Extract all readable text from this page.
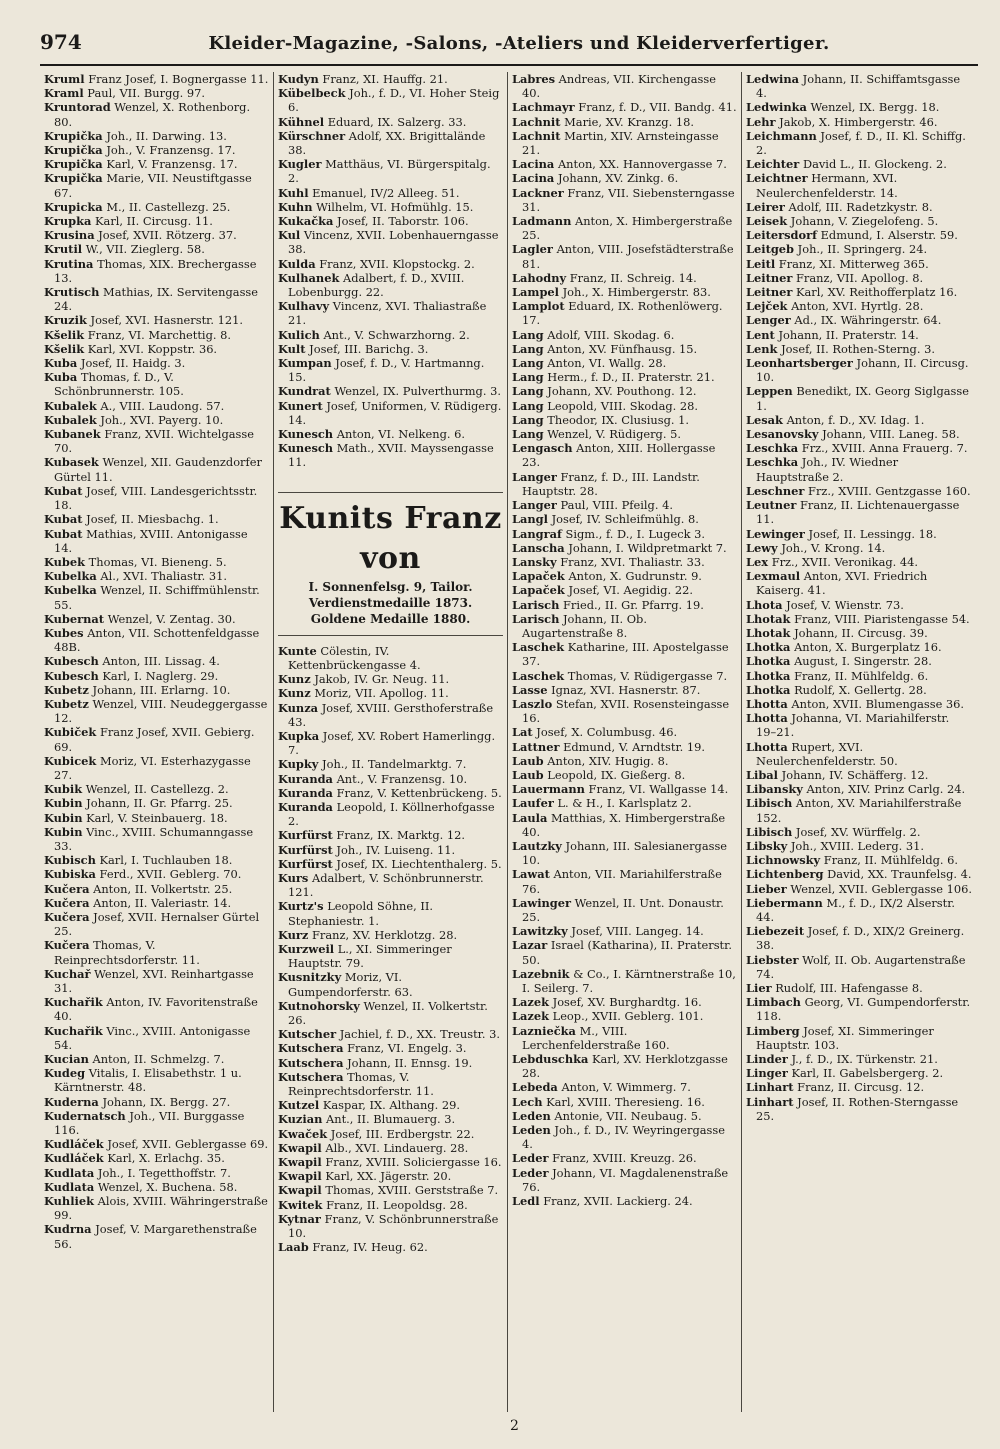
974	Kleider-Magazine, -Salons, -Ateliers und Kleiderverfertiger.

Kruml Franz Josef, I. Bognergasse 11.

Kraml Paul, VII. Burgg. 97.

Kruntorad Wenzel, X. Rothenborg. 80.

Krupička Joh., II. Darwing. 13.

Krupička Joh., V. Franzensg. 17.

Krupička Karl, V. Franzensg. 17.

Krupička Marie, VII. Neustiftgasse 67.

Krupicka M., II. Castellezg. 25.

Krupka Karl, II. Circusg. 11.

Krusina Josef, XVII. Rötzerg. 37.

Krutil W., VII. Zieglerg. 58.

Krutina Thomas, XIX. Brechergasse 13.

Krutisch Mathias, IX. Servitengasse 24.

Kruzik Josef, XVI. Hasnerstr. 121.

Kšelik Franz, VI. Marchettig. 8.

Kšelik Karl, XVI. Koppstr. 36.

Kuba Josef, II. Haidg. 3.

Kuba Thomas, f. D., V. Schönbrunnerstr. 105.

Kubalek A., VIII. Laudong. 57.

Kubalek Joh., XVI. Payerg. 10.

Kubanek Franz, XVII. Wichtelgasse 70.

Kubasek Wenzel, XII. Gaudenzdorfer Gürtel 11.

Kubat Josef, VIII. Landesgerichtsstr. 18.

Kubat Josef, II. Miesbachg. 1.

Kubat Mathias, XVIII. Antonigasse 14.

Kubek Thomas, VI. Bieneng. 5.

Kubelka Al., XVI. Thaliastr. 31.

Kubelka Wenzel, II. Schiffmühlenstr. 55.

Kubernat Wenzel, V. Zentag. 30.

Kubes Anton, VII. Schottenfeldgasse 48B.

Kubesch Anton, III. Lissag. 4.

Kubesch Karl, I. Naglerg. 29.

Kubetz Johann, III. Erlarng. 10.

Kubetz Wenzel, VIII. Neudeggergasse 12.

Kubiček Franz Josef, XVII. Gebierg. 69.

Kubicek Moriz, VI. Esterhazygasse 27.

Kubik Wenzel, II. Castellezg. 2.

Kubin Johann, II. Gr. Pfarrg. 25.

Kubin Karl, V. Steinbauerg. 18.

Kubin Vinc., XVIII. Schumanngasse 33.

Kubisch Karl, I. Tuchlauben 18.

Kubiska Ferd., XVII. Geblerg. 70.

Kučera Anton, II. Volkertstr. 25.

Kučera Anton, II. Valeriastr. 14.

Kučera Josef, XVII. Hernalser Gürtel 25.

Kučera Thomas, V. Reinprechtsdorferstr. 11.

Kuchař Wenzel, XVI. Reinhartgasse 31.

Kuchařik Anton, IV. Favoritenstraße 40.

Kuchařik Vinc., XVIII. Antonigasse 54.

Kucian Anton, II. Schmelzg. 7.

Kudeg Vitalis, I. Elisabethstr. 1 u. Kärntnerstr. 48.

Kuderna Johann, IX. Bergg. 27.

Kudernatsch Joh., VII. Burggasse 116.

Kudláček Josef, XVII. Geblergasse 69.

Kudláček Karl, X. Erlachg. 35.

Kudlata Joh., I. Tegetthoffstr. 7.

Kudlata Wenzel, X. Buchena. 58.

Kuhliek Alois, XVIII. Währingerstraße 99.

Kudrna Josef, V. Margarethenstraße 56.

Kudyn Franz, XI. Hauffg. 21.

Kübelbeck Joh., f. D., VI. Hoher Steig 6.

Kühnel Eduard, IX. Salzerg. 33.

Kürschner Adolf, XX. Brigittalände 38.

Kugler Matthäus, VI. Bürgerspitalg. 2.

Kuhl Emanuel, IV/2 Alleeg. 51.

Kuhn Wilhelm, VI. Hofmühlg. 15.

Kukačka Josef, II. Taborstr. 106.

Kul Vincenz, XVII. Lobenhauerngasse 38.

Kulda Franz, XVII. Klopstockg. 2.

Kulhanek Adalbert, f. D., XVIII. Lobenburgg. 22.

Kulhavy Vincenz, XVI. Thaliastraße 21.

Kulich Ant., V. Schwarzhorng. 2.

Kult Josef, III. Barichg. 3.

Kumpan Josef, f. D., V. Hartmanng. 15.

Kundrat Wenzel, IX. Pulverthurmg. 3.

Kunert Josef, Uniformen, V. Rüdigerg. 14.

Kunesch Anton, VI. Nelkeng. 6.

Kunesch Math., XVII. Mayssengasse 11.

Kunits Franz von
I. Sonnenfelsg. 9, Tailor.
Verdienstmedaille 1873.
Goldene Medaille 1880.

Kunte Cölestin, IV. Kettenbrückengasse 4.

Kunz Jakob, IV. Gr. Neug. 11.

Kunz Moriz, VII. Apollog. 11.

Kunza Josef, XVIII. Gersthoferstraße 43.

Kupka Josef, XV. Robert Hamerlingg. 7.

Kupky Joh., II. Tandelmarktg. 7.

Kuranda Ant., V. Franzensg. 10.

Kuranda Franz, V. Kettenbrückeng. 5.

Kuranda Leopold, I. Köllnerhofgasse 2.

Kurfürst Franz, IX. Marktg. 12.

Kurfürst Joh., IV. Luiseng. 11.

Kurfürst Josef, IX. Liechtenthalerg. 5.

Kurs Adalbert, V. Schönbrunnerstr. 121.

Kurtz's Leopold Söhne, II. Stephaniestr. 1.

Kurz Franz, XV. Herklotzg. 28.

Kurzweil L., XI. Simmeringer Hauptstr. 79.

Kusnitzky Moriz, VI. Gumpendorferstr. 63.

Kutnohorsky Wenzel, II. Volkertstr. 26.

Kutscher Jachiel, f. D., XX. Treustr. 3.

Kutschera Franz, VI. Engelg. 3.

Kutschera Johann, II. Ennsg. 19.

Kutschera Thomas, V. Reinprechtsdorferstr. 11.

Kutzel Kaspar, IX. Althang. 29.

Kuzian Ant., II. Blumauerg. 3.

Kwaček Josef, III. Erdbergstr. 22.

Kwapil Alb., XVI. Lindauerg. 28.

Kwapil Franz, XVIII. Soliciergasse 16.

Kwapil Karl, XX. Jägerstr. 20.

Kwapil Thomas, XVIII. Gerststraße 7.

Kwitek Franz, II. Leopoldsg. 28.

Kytnar Franz, V. Schönbrunnerstraße 10.

Laab Franz, IV. Heug. 62.

Labres Andreas, VII. Kirchengasse 40.

Lachmayr Franz, f. D., VII. Bandg. 41.

Lachnit Marie, XV. Kranzg. 18.

Lachnit Martin, XIV. Arnsteingasse 21.

Lacina Anton, XX. Hannovergasse 7.

Lacina Johann, XV. Zinkg. 6.

Lackner Franz, VII. Siebensterngasse 31.

Ladmann Anton, X. Himbergerstraße 25.

Lagler Anton, VIII. Josefstädterstraße 81.

Lahodny Franz, II. Schreig. 14.

Lampel Joh., X. Himbergerstr. 83.

Lamplot Eduard, IX. Rothenlöwerg. 17.

Lang Adolf, VIII. Skodag. 6.

Lang Anton, XV. Fünfhausg. 15.

Lang Anton, VI. Wallg. 28.

Lang Herm., f. D., II. Praterstr. 21.

Lang Johann, XV. Pouthong. 12.

Lang Leopold, VIII. Skodag. 28.

Lang Theodor, IX. Clusiusg. 1.

Lang Wenzel, V. Rüdigerg. 5.

Lengasch Anton, XIII. Hollergasse 23.

Langer Franz, f. D., III. Landstr. Hauptstr. 28.

Langer Paul, VIII. Pfeilg. 4.

Langl Josef, IV. Schleifmühlg. 8.

Langraf Sigm., f. D., I. Lugeck 3.

Lanscha Johann, I. Wildpretmarkt 7.

Lansky Franz, XVI. Thaliastr. 33.

Lapaček Anton, X. Gudrunstr. 9.

Lapaček Josef, VI. Aegidig. 22.

Larisch Fried., II. Gr. Pfarrg. 19.

Larisch Johann, II. Ob. Augartenstraße 8.

Laschek Katharine, III. Apostelgasse 37.

Laschek Thomas, V. Rüdigergasse 7.

Lasse Ignaz, XVI. Hasnerstr. 87.

Laszlo Stefan, XVII. Rosensteingasse 16.

Lat Josef, X. Columbusg. 46.

Lattner Edmund, V. Arndtstr. 19.

Laub Anton, XIV. Hugig. 8.

Laub Leopold, IX. Gießerg. 8.

Lauermann Franz, VI. Wallgasse 14.

Laufer L. & H., I. Karlsplatz 2.

Laula Matthias, X. Himbergerstraße 40.

Lautzky Johann, III. Salesianergasse 10.

Lawat Anton, VII. Mariahilferstraße 76.

Lawinger Wenzel, II. Unt. Donaustr. 25.

Lawitzky Josef, VIII. Langeg. 14.

Lazar Israel (Katharina), II. Praterstr. 50.

Lazebnik & Co., I. Kärntnerstraße 10, I. Seilerg. 7.

Lazek Josef, XV. Burghardtg. 16.

Lazek Leop., XVII. Geblerg. 101.

Lazniečka M., VIII. Lerchenfelderstraße 160.

Lebduschka Karl, XV. Herklotzgasse 28.

Lebeda Anton, V. Wimmerg. 7.

Lech Karl, XVIII. Theresieng. 16.

Leden Antonie, VII. Neubaug. 5.

Leden Joh., f. D., IV. Weyringergasse 4.

Leder Franz, XVIII. Kreuzg. 26.

Leder Johann, VI. Magdalenenstraße 76.

Ledl Franz, XVII. Lackierg. 24.

Ledwina Johann, II. Schiffamtsgasse 4.

Ledwinka Wenzel, IX. Bergg. 18.

Lehr Jakob, X. Himbergerstr. 46.

Leichmann Josef, f. D., II. Kl. Schiffg. 2.

Leichter David L., II. Glockeng. 2.

Leichtner Hermann, XVI. Neulerchenfelderstr. 14.

Leirer Adolf, III. Radetzkystr. 8.

Leisek Johann, V. Ziegelofeng. 5.

Leitersdorf Edmund, I. Alserstr. 59.

Leitgeb Joh., II. Springerg. 24.

Leitl Franz, XI. Mitterweg 365.

Leitner Franz, VII. Apollog. 8.

Leitner Karl, XV. Reithofferplatz 16.

Lejček Anton, XVI. Hyrtlg. 28.

Lenger Ad., IX. Währingerstr. 64.

Lent Johann, II. Praterstr. 14.

Lenk Josef, II. Rothen-Sterng. 3.

Leonhartsberger Johann, II. Circusg. 10.

Leppen Benedikt, IX. Georg Siglgasse 1.

Lesak Anton, f. D., XV. Idag. 1.

Lesanovsky Johann, VIII. Laneg. 58.

Leschka Frz., XVIII. Anna Frauerg. 7.

Leschka Joh., IV. Wiedner Hauptstraße 2.

Leschner Frz., XVIII. Gentzgasse 160.

Leutner Franz, II. Lichtenauergasse 11.

Lewinger Josef, II. Lessingg. 18.

Lewy Joh., V. Krong. 14.

Lex Frz., XVII. Veronikag. 44.

Lexmaul Anton, XVI. Friedrich Kaiserg. 41.

Lhota Josef, V. Wienstr. 73.

Lhotak Franz, VIII. Piaristengasse 54.

Lhotak Johann, II. Circusg. 39.

Lhotka Anton, X. Burgerplatz 16.

Lhotka August, I. Singerstr. 28.

Lhotka Franz, II. Mühlfeldg. 6.

Lhotka Rudolf, X. Gellertg. 28.

Lhotta Anton, XVII. Blumengasse 36.

Lhotta Johanna, VI. Mariahilferstr. 19–21.

Lhotta Rupert, XVI. Neulerchenfelderstr. 50.

Libal Johann, IV. Schäfferg. 12.

Libansky Anton, XIV. Prinz Carlg. 24.

Libisch Anton, XV. Mariahilferstraße 152.

Libisch Josef, XV. Würffelg. 2.

Libsky Joh., XVIII. Lederg. 31.

Lichnowsky Franz, II. Mühlfeldg. 6.

Lichtenberg David, XX. Traunfelsg. 4.

Lieber Wenzel, XVII. Geblergasse 106.

Liebermann M., f. D., IX/2 Alserstr. 44.

Liebezeit Josef, f. D., XIX/2 Greinerg. 38.

Liebster Wolf, II. Ob. Augartenstraße 74.

Lier Rudolf, III. Hafengasse 8.

Limbach Georg, VI. Gumpendorferstr. 118.

Limberg Josef, XI. Simmeringer Hauptstr. 103.

Linder J., f. D., IX. Türkenstr. 21.

Linger Karl, II. Gabelsbergerg. 2.

Linhart Franz, II. Circusg. 12.

Linhart Josef, II. Rothen-Sterngasse 25.

2
